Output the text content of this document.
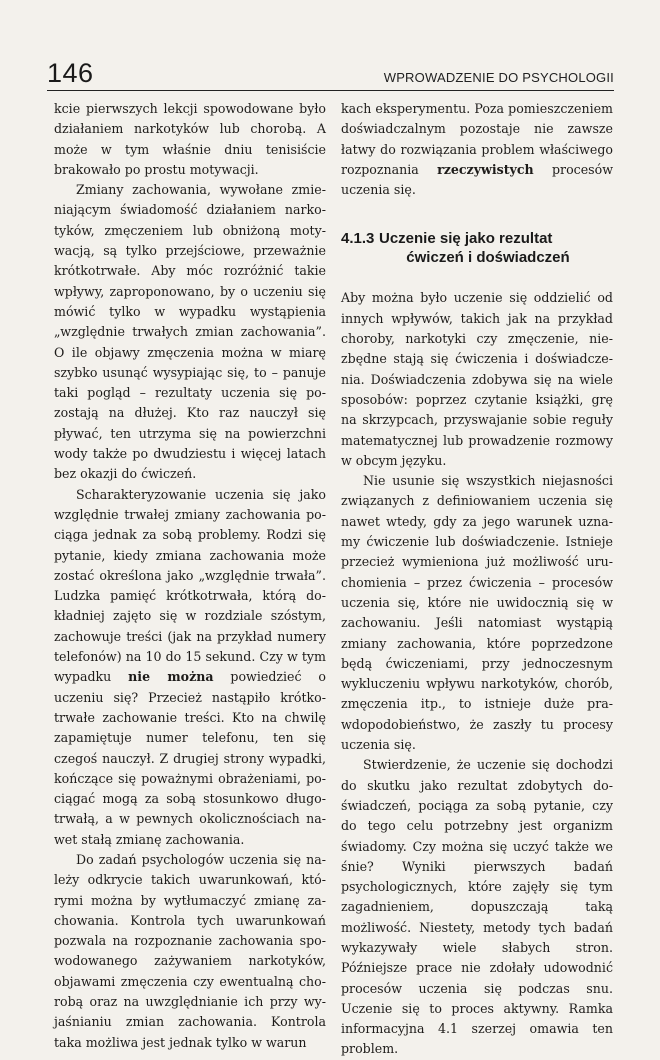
146	WPROWADZENIE DO PSYCHOLOGII

kcie pierwszych lekcji spowodowane było działaniem narkotyków lub chorobą. A może w tym właśnie dniu tenisiście brakowało po prostu motywacji.

Zmiany zachowania, wywołane zmieniającym świadomość działaniem narkotyków, zmęczeniem lub obniżoną motywacją, są tylko przejściowe, przeważnie krótkotrwałe. Aby móc rozróżnić takie wpływy, zaproponowano, by o uczeniu się mówić tylko w wypadku wystąpienia „względnie trwałych zmian zachowania”. O ile objawy zmęczenia można w miarę szybko usunąć wysypiając się, to – panuje taki pogląd – rezultaty uczenia się pozostają na dłużej. Kto raz nauczył się pływać, ten utrzyma się na powierzchni wody także po dwudziestu i więcej latach bez okazji do ćwiczeń.

Scharakteryzowanie uczenia się jako względnie trwałej zmiany zachowania pociąga jednak za sobą problemy. Rodzi się pytanie, kiedy zmiana zachowania może zostać określona jako „względnie trwała”. Ludzka pamięć krótkotrwała, którą dokładniej zajęto się w rozdziale szóstym, zachowuje treści (jak na przykład numery telefonów) na 10 do 15 sekund. Czy w tym wypadku nie można powiedzieć o uczeniu się? Przecież nastąpiło krótkotrwałe zachowanie treści. Kto na chwilę zapamiętuje numer telefonu, ten się czegoś nauczył. Z drugiej strony wypadki, kończące się poważnymi obrażeniami, pociągać mogą za sobą stosunkowo długotrwałą, a w pewnych okolicznościach nawet stałą zmianę zachowania.

Do zadań psychologów uczenia się należy odkrycie takich uwarunkowań, którymi można by wytłumaczyć zmianę zachowania. Kontrola tych uwarunkowań pozwala na rozpoznanie zachowania spowodowanego zażywaniem narkotyków, objawami zmęczenia czy ewentualną chorobą oraz na uwzględnianie ich przy wyjaśnianiu zmian zachowania. Kontrola taka możliwa jest jednak tylko w warun

kach eksperymentu. Poza pomieszczeniem doświadczalnym pozostaje nie zawsze łatwy do rozwiązania problem właściwego rozpoznania rzeczywistych procesów uczenia się.

4.1.3 Uczenie się jako rezultat
ćwiczeń i doświadczeń

Aby można było uczenie się oddzielić od innych wpływów, takich jak na przykład choroby, narkotyki czy zmęczenie, niezbędne stają się ćwiczenia i doświadczenia. Doświadczenia zdobywa się na wiele sposobów: poprzez czytanie książki, grę na skrzypcach, przyswajanie sobie reguły matematycznej lub prowadzenie rozmowy w obcym języku.

Nie usunie się wszystkich niejasności związanych z definiowaniem uczenia się nawet wtedy, gdy za jego warunek uznamy ćwiczenie lub doświadczenie. Istnieje przecież wymieniona już możliwość uruchomienia – przez ćwiczenia – procesów uczenia się, które nie uwidocznią się w zachowaniu. Jeśli natomiast wystąpią zmiany zachowania, które poprzedzone będą ćwiczeniami, przy jednoczesnym wykluczeniu wpływu narkotyków, chorób, zmęczenia itp., to istnieje duże prawdopodobieństwo, że zaszły tu procesy uczenia się.

Stwierdzenie, że uczenie się dochodzi do skutku jako rezultat zdobytych doświadczeń, pociąga za sobą pytanie, czy do tego celu potrzebny jest organizm świadomy. Czy można się uczyć także we śnie? Wyniki pierwszych badań psychologicznych, które zajęły się tym zagadnieniem, dopuszczają taką możliwość. Niestety, metody tych badań wykazywały wiele słabych stron. Późniejsze prace nie zdołały udowodnić procesów uczenia się podczas snu. Uczenie się to proces aktywny. Ramka informacyjna 4.1 szerzej omawia ten problem.
